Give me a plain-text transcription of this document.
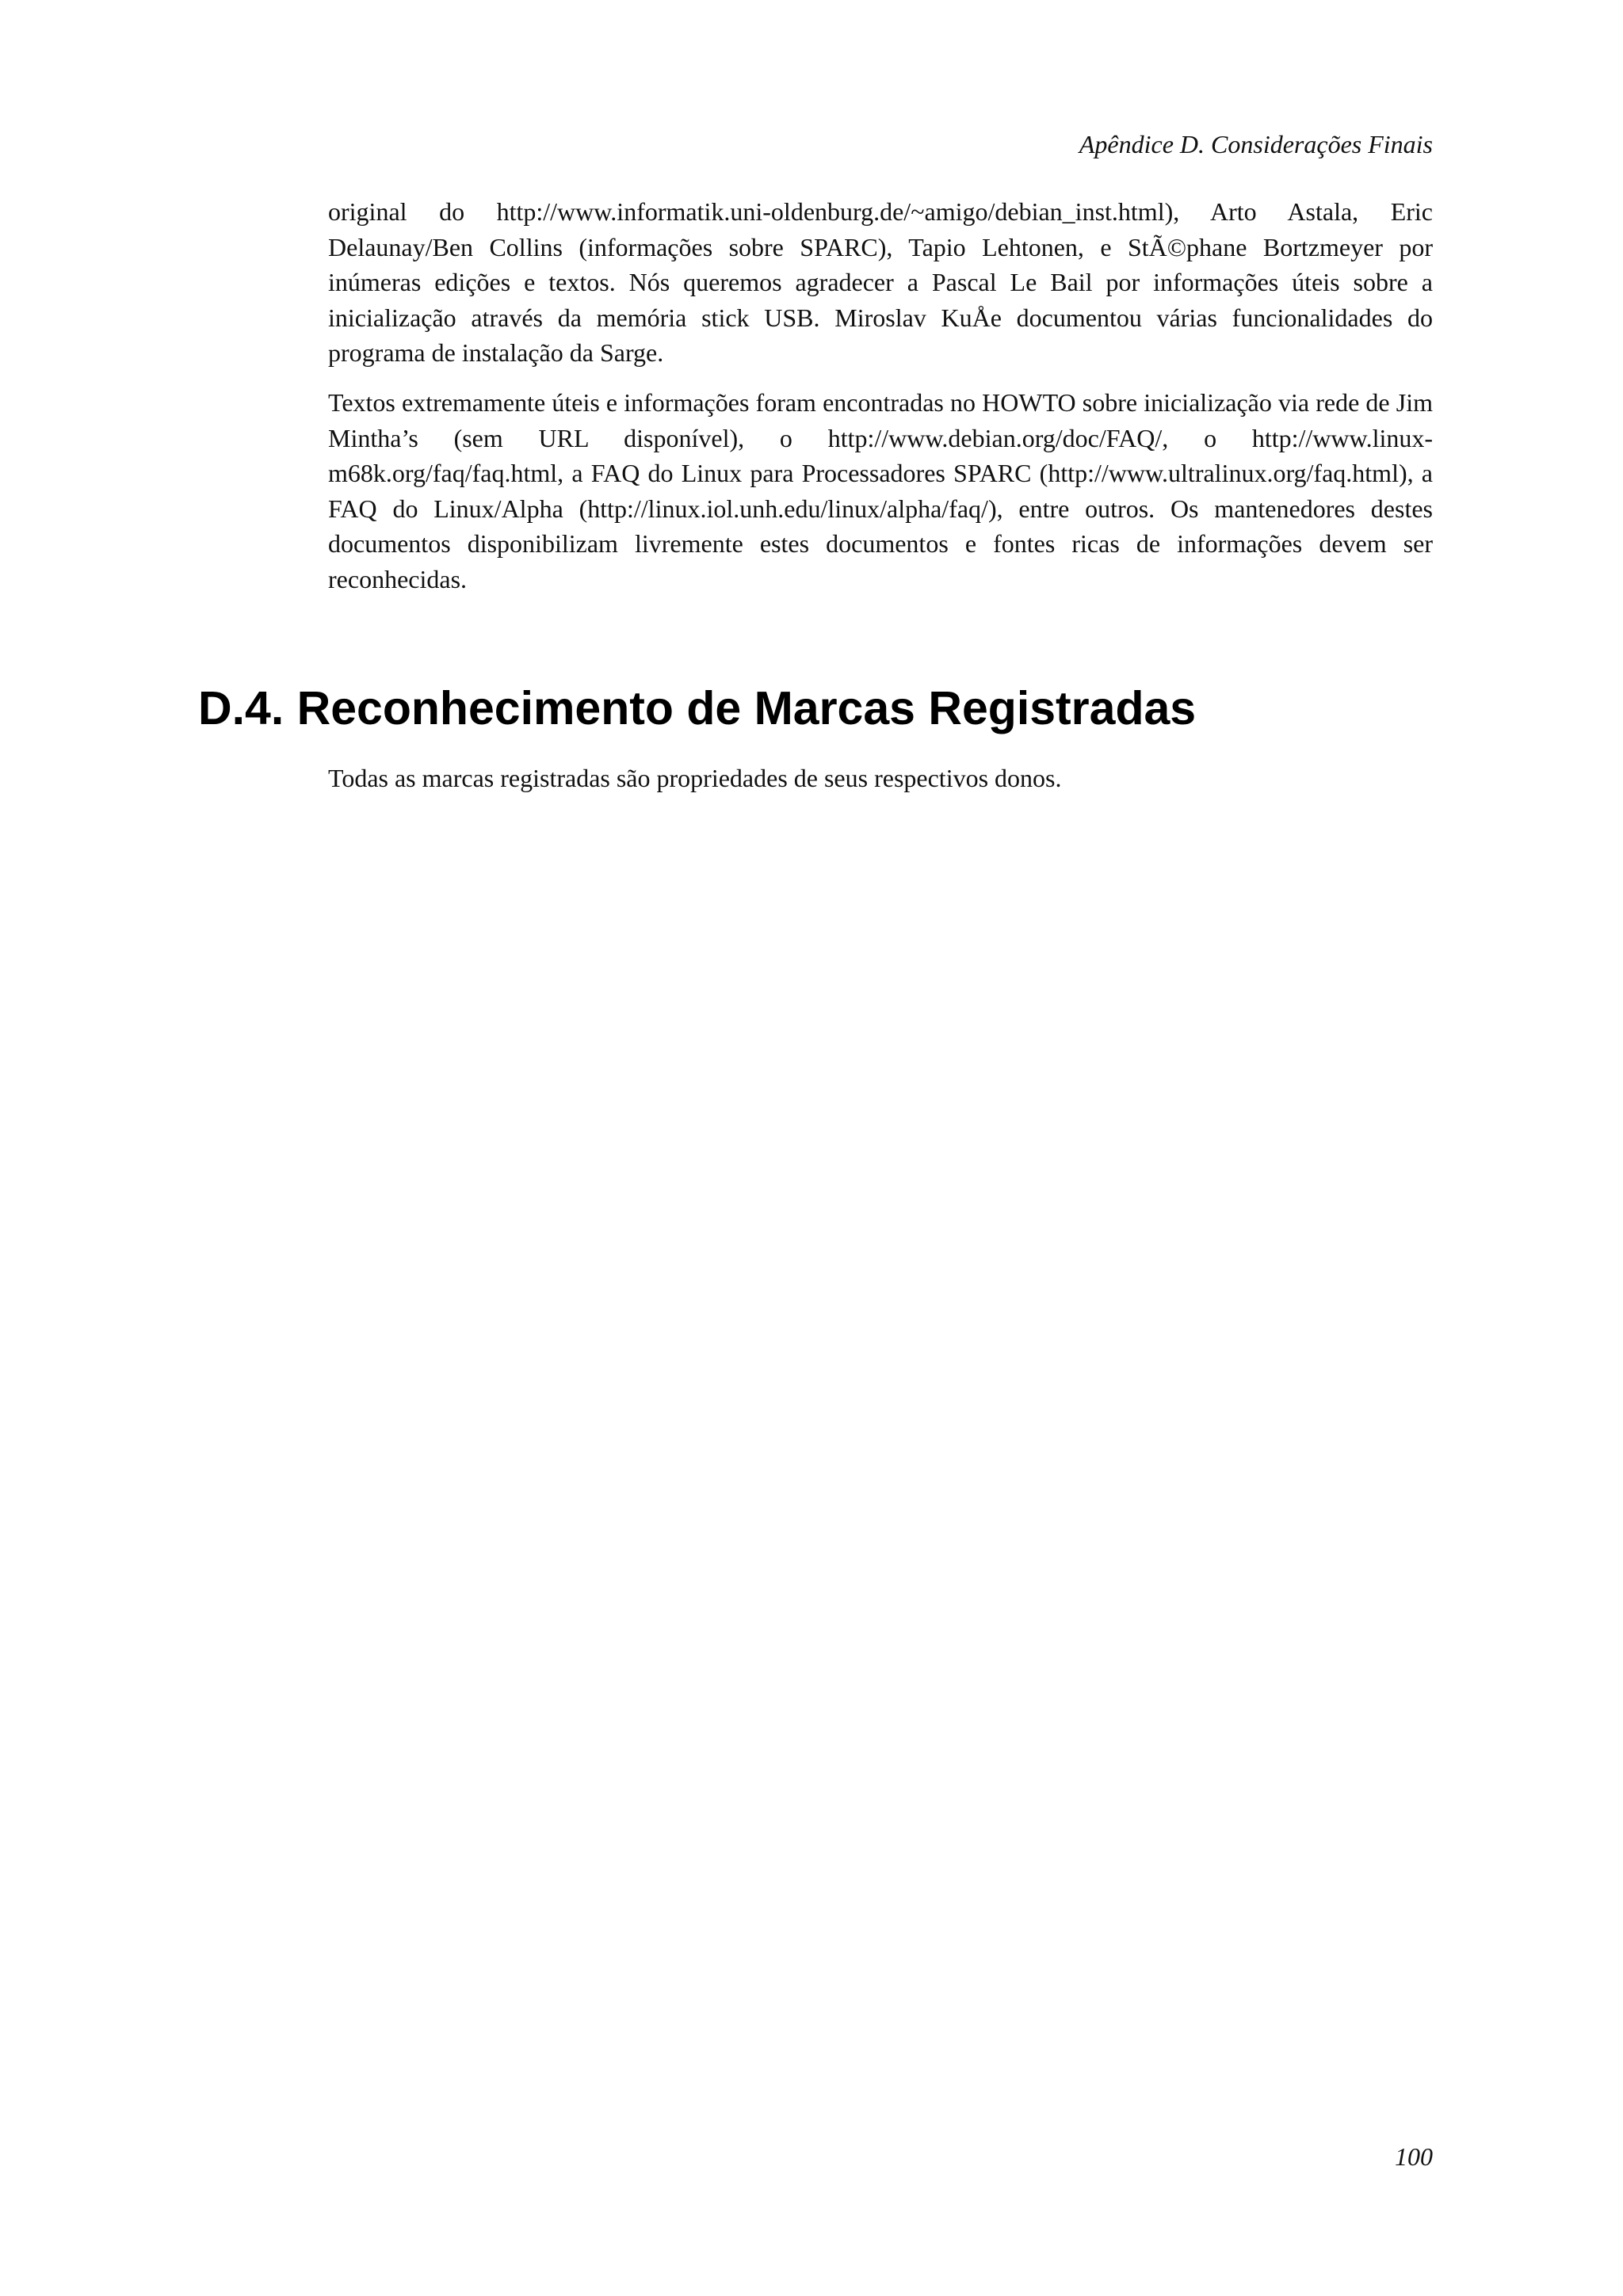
Apêndice D. Considerações Finais

original do http://www.informatik.uni-oldenburg.de/~amigo/debian_inst.html), Arto Astala, Eric Delaunay/Ben Collins (informações sobre SPARC), Tapio Lehtonen, e StÃ©phane Bortzmeyer por inúmeras edições e textos. Nós queremos agradecer a Pascal Le Bail por informações úteis sobre a inicialização através da memória stick USB. Miroslav KuÅe documentou várias funcionalidades do programa de instalação da Sarge.

Textos extremamente úteis e informações foram encontradas no HOWTO sobre inicialização via rede de Jim Mintha’s (sem URL disponível), o http://www.debian.org/doc/FAQ/, o http://www.linux-m68k.org/faq/faq.html, a FAQ do Linux para Processadores SPARC (http://www.ultralinux.org/faq.html), a FAQ do Linux/Alpha (http://linux.iol.unh.edu/linux/alpha/faq/), entre outros. Os mantenedores destes documentos disponibilizam livremente estes documentos e fontes ricas de informações devem ser reconhecidas.

D.4. Reconhecimento de Marcas Registradas

Todas as marcas registradas são propriedades de seus respectivos donos.

100
